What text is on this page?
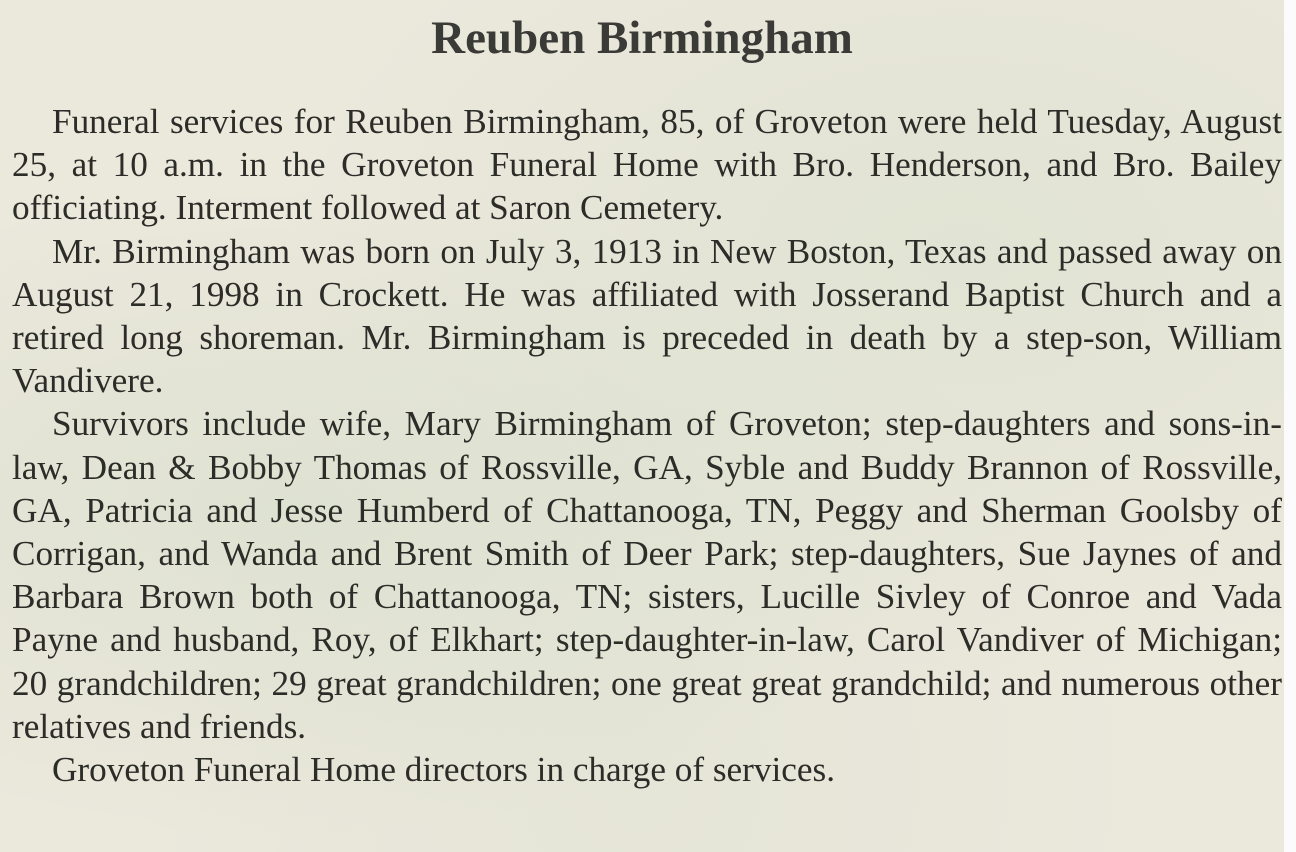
Reuben Birmingham

Funeral services for Reuben Birmingham, 85, of Groveton were held Tuesday, August 25, at 10 a.m. in the Groveton Funeral Home with Bro. Henderson, and Bro. Bailey officiating. Interment followed at Saron Cemetery.

Mr. Birmingham was born on July 3, 1913 in New Boston, Texas and passed away on August 21, 1998 in Crockett. He was affiliated with Josserand Baptist Church and a retired long shoreman. Mr. Birmingham is preceded in death by a step-son, William Vandivere.

Survivors include wife, Mary Birmingham of Groveton; step-daughters and sons-in-law, Dean & Bobby Thomas of Rossville, GA, Syble and Buddy Brannon of Rossville, GA, Patricia and Jesse Humberd of Chattanooga, TN, Peggy and Sherman Goolsby of Corrigan, and Wanda and Brent Smith of Deer Park; step-daughters, Sue Jaynes of and Barbara Brown both of Chattanooga, TN; sisters, Lucille Sivley of Conroe and Vada Payne and husband, Roy, of Elkhart; step-daughter-in-law, Carol Vandiver of Michigan; 20 grandchildren; 29 great grandchildren; one great great grandchild; and numerous other relatives and friends.

Groveton Funeral Home directors in charge of services.
